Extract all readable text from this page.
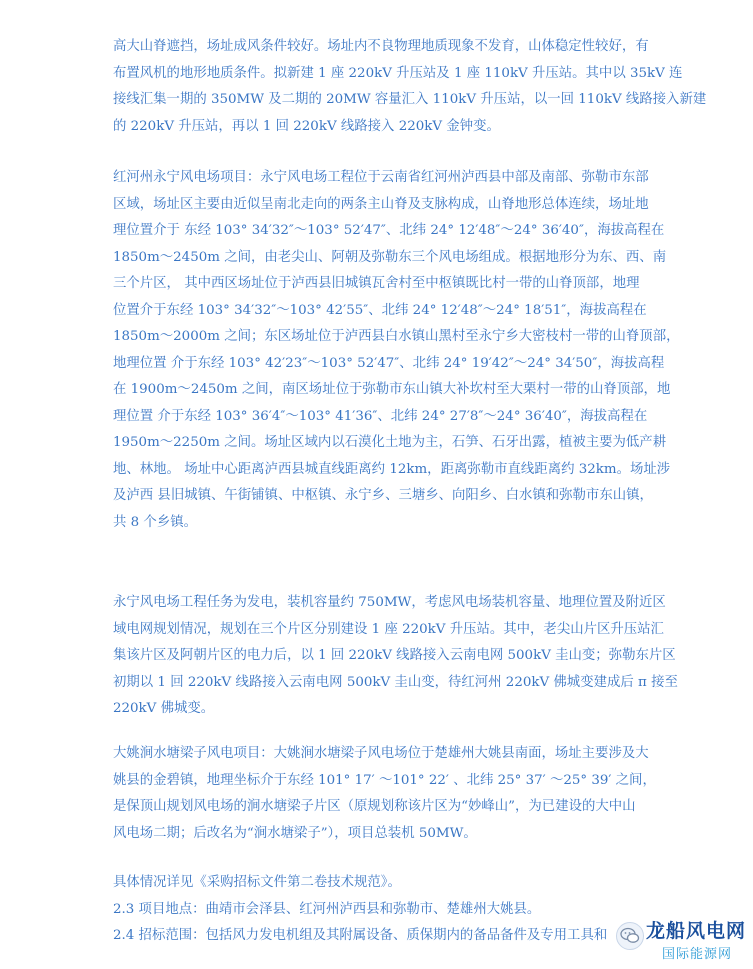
高大山脊遮挡，场址成风条件较好。场址内不良物理地质现象不发育，山体稳定性较好，有
布置风机的地形地质条件。拟新建 1 座 220kV 升压站及 1 座 110kV 升压站。其中以 35kV 连
接线汇集一期的 350MW 及二期的 20MW 容量汇入 110kV 升压站，以一回 110kV 线路接入新建
的 220kV 升压站，再以 1 回 220kV 线路接入 220kV 金钟变。
红河州永宁风电场项目：永宁风电场工程位于云南省红河州泸西县中部及南部、弥勒市东部
区域，场址区主要由近似呈南北走向的两条主山脊及支脉构成，山脊地形总体连续，场址地
理位置介于 东经 103° 34′32″～103° 52′47″、北纬 24° 12′48″～24° 36′40″，海拔高程在
1850m～2450m 之间，由老尖山、阿朝及弥勒东三个风电场组成。根据地形分为东、西、南
三个片区， 其中西区场址位于泸西县旧城镇瓦舍村至中枢镇既比村一带的山脊顶部，地理
位置介于东经 103° 34′32″～103° 42′55″、北纬 24° 12′48″～24° 18′51″，海拔高程在
1850m～2000m 之间；东区场址位于泸西县白水镇山黑村至永宁乡大密枝村一带的山脊顶部，
地理位置 介于东经 103° 42′23″～103° 52′47″、北纬 24° 19′42″～24° 34′50″，海拔高程
在 1900m～2450m 之间，南区场址位于弥勒市东山镇大补坎村至大栗村一带的山脊顶部，地
理位置 介于东经 103° 36′4″～103° 41′36″、北纬 24° 27′8″～24° 36′40″，海拔高程在
1950m～2250m 之间。场址区域内以石漠化土地为主，石笋、石牙出露，植被主要为低产耕
地、林地。 场址中心距离泸西县城直线距离约 12km，距离弥勒市直线距离约 32km。场址涉
及泸西 县旧城镇、午街铺镇、中枢镇、永宁乡、三塘乡、向阳乡、白水镇和弥勒市东山镇，
共 8 个乡镇。
永宁风电场工程任务为发电，装机容量约 750MW，考虑风电场装机容量、地理位置及附近区
域电网规划情况，规划在三个片区分别建设 1 座 220kV 升压站。其中，老尖山片区升压站汇
集该片区及阿朝片区的电力后，以 1 回 220kV 线路接入云南电网 500kV 圭山变；弥勒东片区
初期以 1 回 220kV 线路接入云南电网 500kV 圭山变，待红河州 220kV 佛城变建成后 π 接至
220kV 佛城变。
大姚涧水塘梁子风电项目：大姚涧水塘梁子风电场位于楚雄州大姚县南面，场址主要涉及大
姚县的金碧镇，地理坐标介于东经 101° 17′ ～101° 22′ 、北纬 25° 37′ ～25° 39′ 之间，
是保顶山规划风电场的涧水塘梁子片区（原规划称该片区为“妙峰山”，为已建设的大中山
风电场二期；后改名为“涧水塘梁子”），项目总装机 50MW。
具体情况详见《采购招标文件第二卷技术规范》。
2.3 项目地点：曲靖市会泽县、红河州泸西县和弥勒市、楚雄州大姚县。
2.4 招标范围：包括风力发电机组及其附属设备、质保期内的备品备件及专用工具和	龙船风电网
国际能源网
